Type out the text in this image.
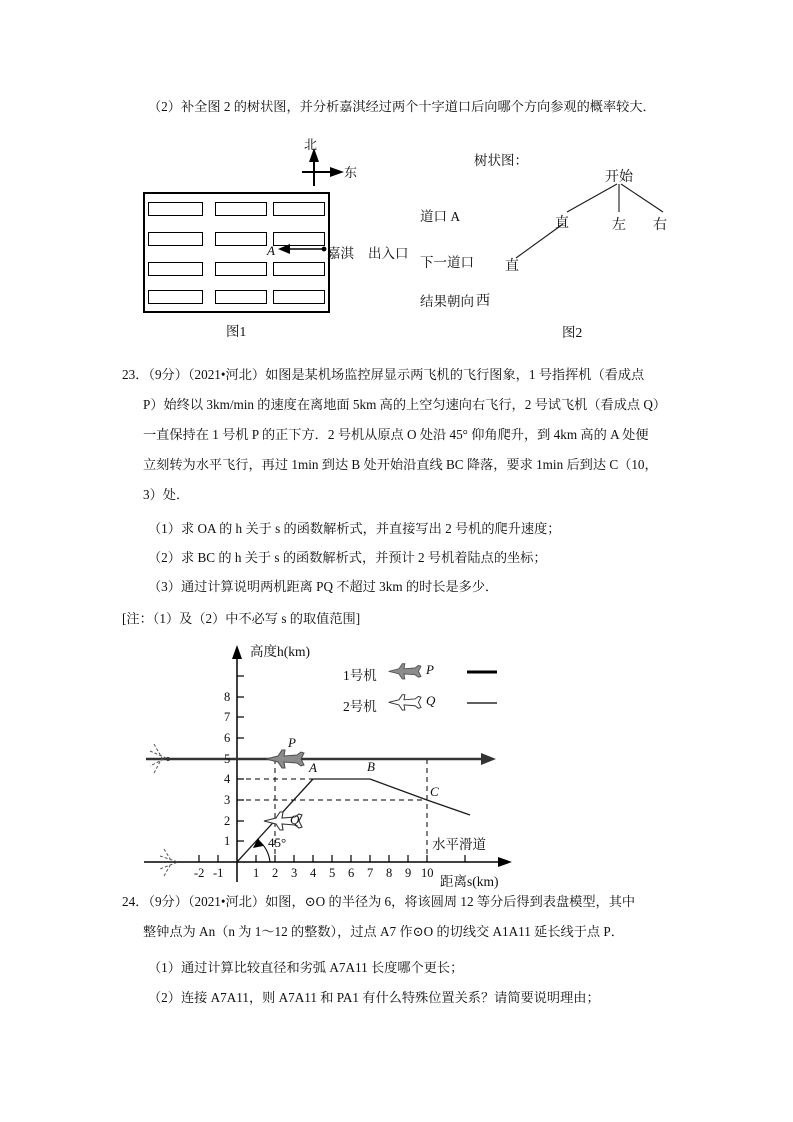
（2）补全图 2 的树状图，并分析嘉淇经过两个十字道口后向哪个方向参观的概率较大．
北
东
A	嘉淇 出入口
图1
树状图：
道口 A
下一道口
结果朝向
开始
直	左 右
直
西
图2
23．（9分）（2021•河北）如图是某机场监控屏显示两飞机的飞行图象，1 号指挥机（看成点
P）始终以 3km/min 的速度在离地面 5km 高的上空匀速向右飞行，2 号试飞机（看成点 Q）
一直保持在 1 号机 P 的正下方．2 号机从原点 O 处沿 45° 仰角爬升，到 4km 高的 A 处便
立刻转为水平飞行，再过 1min 到达 B 处开始沿直线 BC 降落，要求 1min 后到达 C（10，
3）处．
（1）求 OA 的 h 关于 s 的函数解析式，并直接写出 2 号机的爬升速度；
（2）求 BC 的 h 关于 s 的函数解析式，并预计 2 号机着陆点的坐标；
（3）通过计算说明两机距离 PQ 不超过 3km 的时长是多少．
[注：（1）及（2）中不必写 s 的取值范围]
高度h(km)
距离s(km)
-2 -1 1 2 3 4 5 6 7 8 9 10
1
2
3
4
5
6
7
8
P
Q
A	B
C
45°	水平滑道
1号机	P
2号机	Q
24．（9分）（2021•河北）如图，⊙O 的半径为 6，将该圆周 12 等分后得到表盘模型，其中
整钟点为 An（n 为 1～12 的整数），过点 A7 作⊙O 的切线交 A1A11 延长线于点 P．
（1）通过计算比较直径和劣弧 A7A11 长度哪个更长；
（2）连接 A7A11，则 A7A11 和 PA1 有什么特殊位置关系？请简要说明理由；
